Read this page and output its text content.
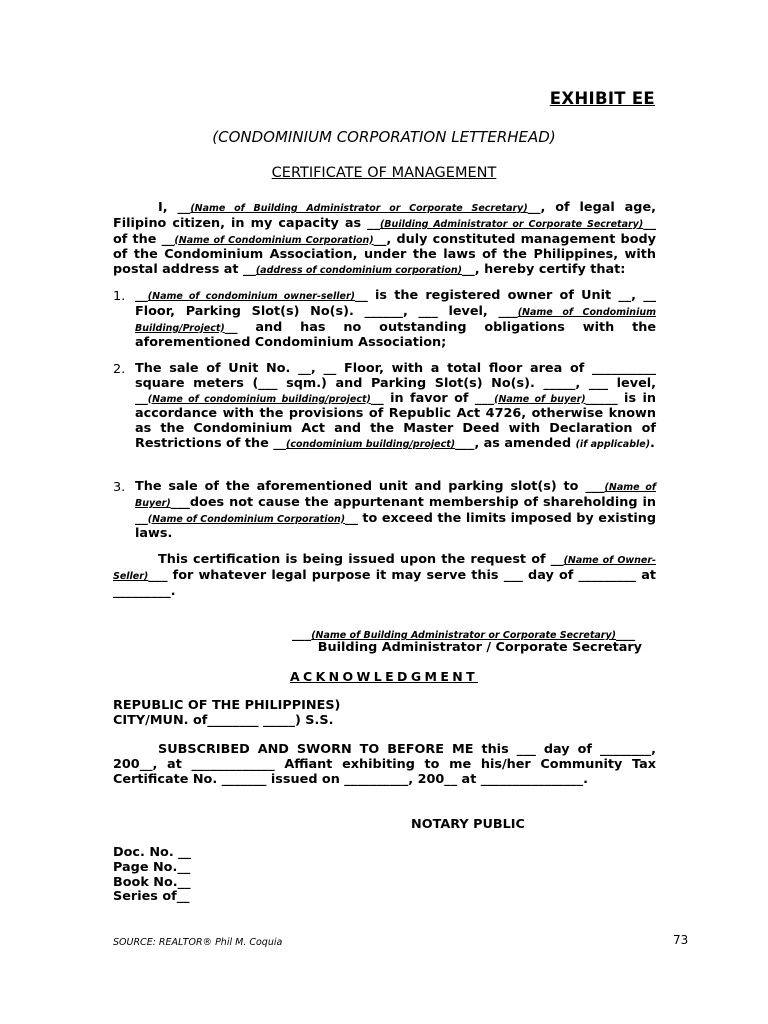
EXHIBIT EE
(CONDOMINIUM CORPORATION LETTERHEAD)
CERTIFICATE OF MANAGEMENT
I, __(Name of Building Administrator or Corporate Secretary)__, of legal age, Filipino citizen, in my capacity as __(Building Administrator or Corporate Secretary)__ of the __(Name of Condominium Corporation)__, duly constituted management body of the Condominium Association, under the laws of the Philippines, with postal address at __(address of condominium corporation)__, hereby certify that:
1. __(Name of condominium owner-seller)__ is the registered owner of Unit __, __ Floor, Parking Slot(s) No(s). ______, ___ level, ___(Name of Condominium Building/Project)__ and has no outstanding obligations with the aforementioned Condominium Association;
2. The sale of Unit No. __, __ Floor, with a total floor area of __________ square meters (___ sqm.) and Parking Slot(s) No(s). _____, ___ level, __(Name of condominium building/project)__ in favor of ___(Name of buyer)_____ is in accordance with the provisions of Republic Act 4726, otherwise known as the Condominium Act and the Master Deed with Declaration of Restrictions of the __(condominium building/project)___, as amended (if applicable).
3. The sale of the aforementioned unit and parking slot(s) to ___(Name of Buyer)___does not cause the appurtenant membership of shareholding in __(Name of Condominium Corporation)__ to exceed the limits imposed by existing laws.
This certification is being issued upon the request of __(Name of Owner-Seller)___ for whatever legal purpose it may serve this ___ day of _________ at _________.
___(Name of Building Administrator or Corporate Secretary)___
Building Administrator / Corporate Secretary
ACKNOWLEDGMENT
REPUBLIC OF THE PHILIPPINES)
CITY/MUN. of________ _____) S.S.
SUBSCRIBED AND SWORN TO BEFORE ME this ___ day of ________, 200__, at _____________ Affiant exhibiting to me his/her Community Tax Certificate No. _______ issued on __________, 200__ at ________________.
NOTARY PUBLIC
Doc. No. __
Page No.__
Book No.__
Series of__
SOURCE: REALTOR® Phil M. Coquia	73
